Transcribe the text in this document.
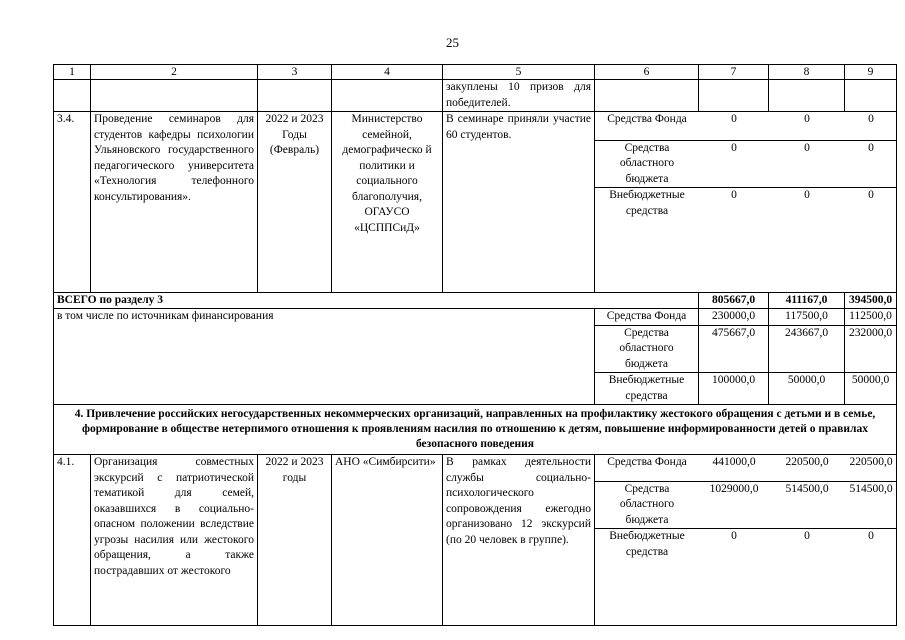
25
1	2	3	4	5	6	7	8	9
				закуплены 10 призов для победителей.				
3.4.	Проведение семинаров для студентов кафедры психологии Ульяновского государственного педагогического университета «Технология телефонного консультирования».	2022 и 2023 Годы (Февраль)	Министерство семейной, демографическо й политики и социального благополучия, ОГАУСО «ЦСППСиД»	В семинаре приняли участие 60 студентов.	
Средства Фонда	0	0	0
Средства областного бюджета	0	0	0
Внебюджетные средства	0	0	0

ВСЕГО по разделу 3	805667,0	411167,0	394500,0
в том числе по источникам финансирования	Средства Фонда	230000,0	117500,0	112500,0
Средства областного бюджета	475667,0	243667,0	232000,0
Внебюджетные средства	100000,0	50000,0	50000,0
4. Привлечение российских негосударственных некоммерческих организаций, направленных на профилактику жестокого обращения с детьми и в семье, формирование в обществе нетерпимого отношения к проявлениям насилия по отношению к детям, повышение информированности детей о правилах безопасного поведения
4.1.	Организация совместных экскурсий с патриотической тематикой для семей, оказавшихся в социально-опасном положении вследствие угрозы насилия или жестокого обращения, а также пострадавших от жестокого	2022 и 2023 годы	АНО «Симбирсити»	В рамках деятельности службы социально-психологического сопровождения ежегодно организовано 12 экскурсий (по 20 человек в группе).	
Средства Фонда	441000,0	220500,0	220500,0
Средства областного бюджета	1029000,0	514500,0	514500,0
Внебюджетные средства	0	0	0
